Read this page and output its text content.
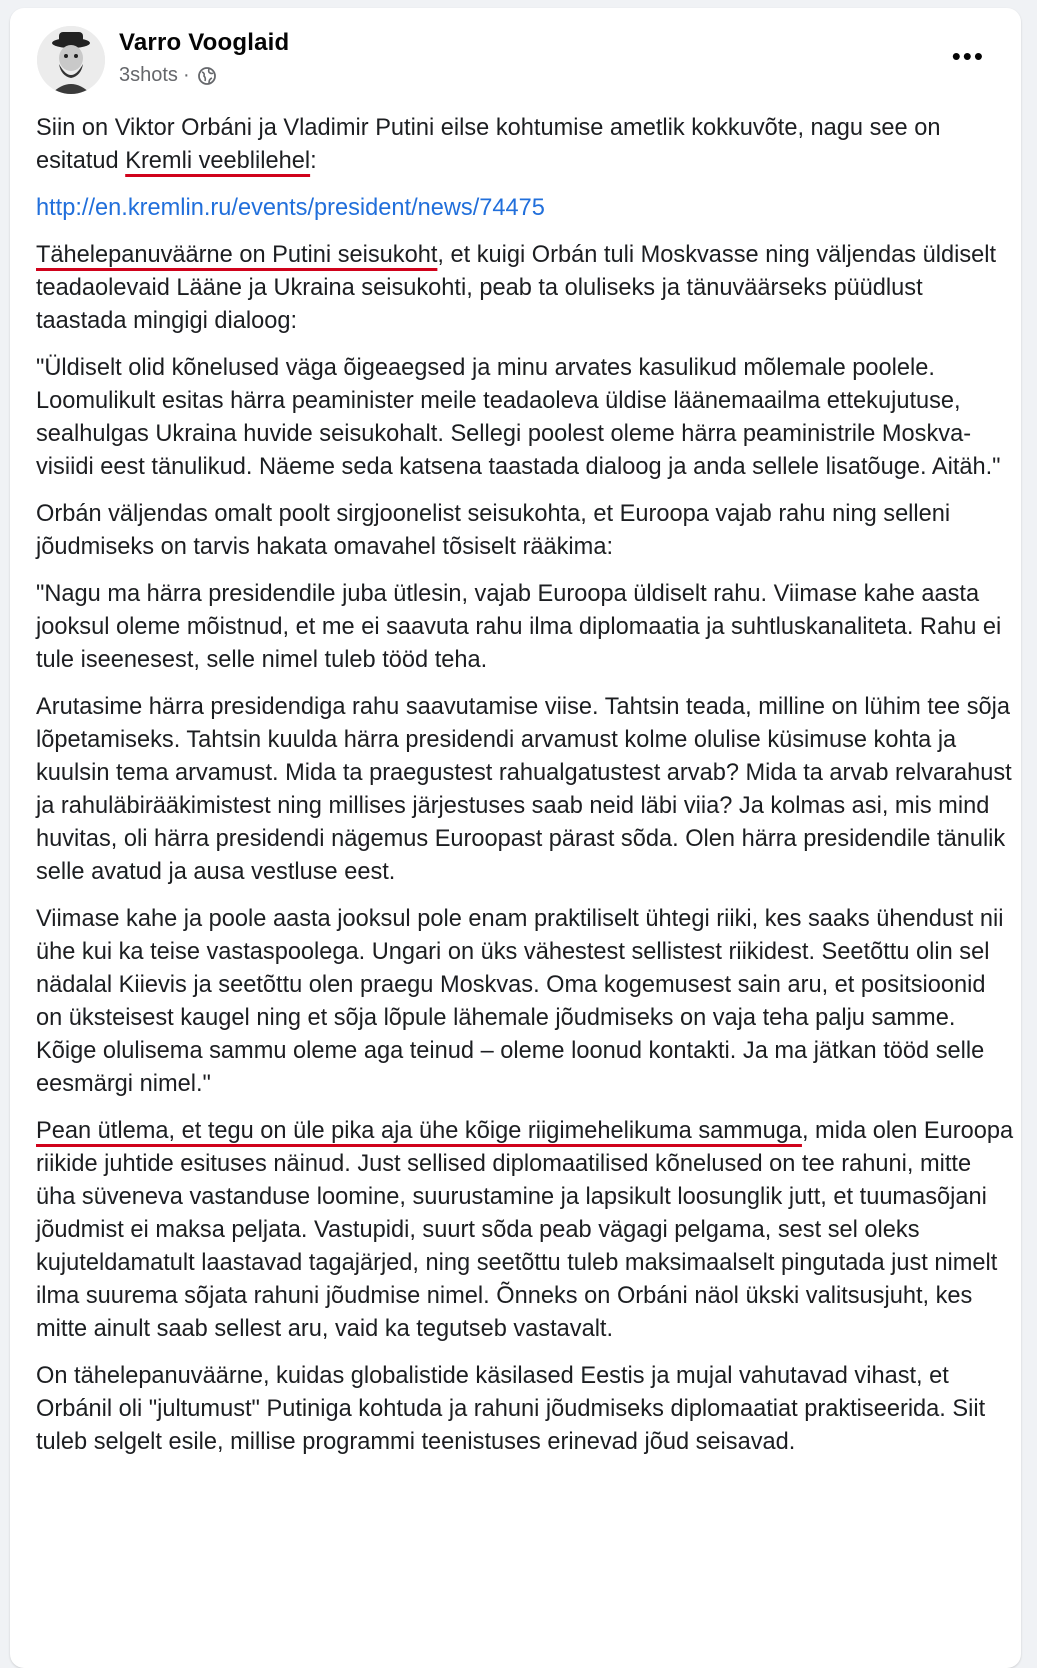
Varro Vooglaid
3shots ·
•••

Siin on Viktor Orbáni ja Vladimir Putini eilse kohtumise ametlik kokkuvõte, nagu see on esitatud Kremli veeblilehel:

http://en.kremlin.ru/events/president/news/74475

Tähelepanuväärne on Putini seisukoht, et kuigi Orbán tuli Moskvasse ning väljendas üldiselt teadaolevaid Lääne ja Ukraina seisukohti, peab ta oluliseks ja tänuväärseks püüdlust taastada mingigi dialoog:

"Üldiselt olid kõnelused väga õigeaegsed ja minu arvates kasulikud mõlemale poolele. Loomulikult esitas härra peaminister meile teadaoleva üldise läänemaailma ettekujutuse, sealhulgas Ukraina huvide seisukohalt. Sellegi poolest oleme härra peaministrile Moskva-visiidi eest tänulikud. Näeme seda katsena taastada dialoog ja anda sellele lisatõuge. Aitäh."

Orbán väljendas omalt poolt sirgjoonelist seisukohta, et Euroopa vajab rahu ning selleni jõudmiseks on tarvis hakata omavahel tõsiselt rääkima:

"Nagu ma härra presidendile juba ütlesin, vajab Euroopa üldiselt rahu. Viimase kahe aasta jooksul oleme mõistnud, et me ei saavuta rahu ilma diplomaatia ja suhtluskanaliteta. Rahu ei tule iseenesest, selle nimel tuleb tööd teha.

Arutasime härra presidendiga rahu saavutamise viise. Tahtsin teada, milline on lühim tee sõja lõpetamiseks. Tahtsin kuulda härra presidendi arvamust kolme olulise küsimuse kohta ja kuulsin tema arvamust. Mida ta praegustest rahualgatustest arvab? Mida ta arvab relvarahust ja rahuläbirääkimistest ning millises järjestuses saab neid läbi viia? Ja kolmas asi, mis mind huvitas, oli härra presidendi nägemus Euroopast pärast sõda. Olen härra presidendile tänulik selle avatud ja ausa vestluse eest.

Viimase kahe ja poole aasta jooksul pole enam praktiliselt ühtegi riiki, kes saaks ühendust nii ühe kui ka teise vastaspoolega. Ungari on üks vähestest sellistest riikidest. Seetõttu olin sel nädalal Kiievis ja seetõttu olen praegu Moskvas. Oma kogemusest sain aru, et positsioonid on üksteisest kaugel ning et sõja lõpule lähemale jõudmiseks on vaja teha palju samme. Kõige olulisema sammu oleme aga teinud – oleme loonud kontakti. Ja ma jätkan tööd selle eesmärgi nimel."

Pean ütlema, et tegu on üle pika aja ühe kõige riigimehelikuma sammuga, mida olen Euroopa riikide juhtide esituses näinud. Just sellised diplomaatilised kõnelused on tee rahuni, mitte üha süveneva vastanduse loomine, suurustamine ja lapsikult loosunglik jutt, et tuumasõjani jõudmist ei maksa peljata. Vastupidi, suurt sõda peab vägagi pelgama, sest sel oleks kujuteldamatult laastavad tagajärjed, ning seetõttu tuleb maksimaalselt pingutada just nimelt ilma suurema sõjata rahuni jõudmise nimel. Õnneks on Orbáni näol ükski valitsusjuht, kes mitte ainult saab sellest aru, vaid ka tegutseb vastavalt.

On tähelepanuväärne, kuidas globalistide käsilased Eestis ja mujal vahutavad vihast, et Orbánil oli "jultumust" Putiniga kohtuda ja rahuni jõudmiseks diplomaatiat praktiseerida. Siit tuleb selgelt esile, millise programmi teenistuses erinevad jõud seisavad.
